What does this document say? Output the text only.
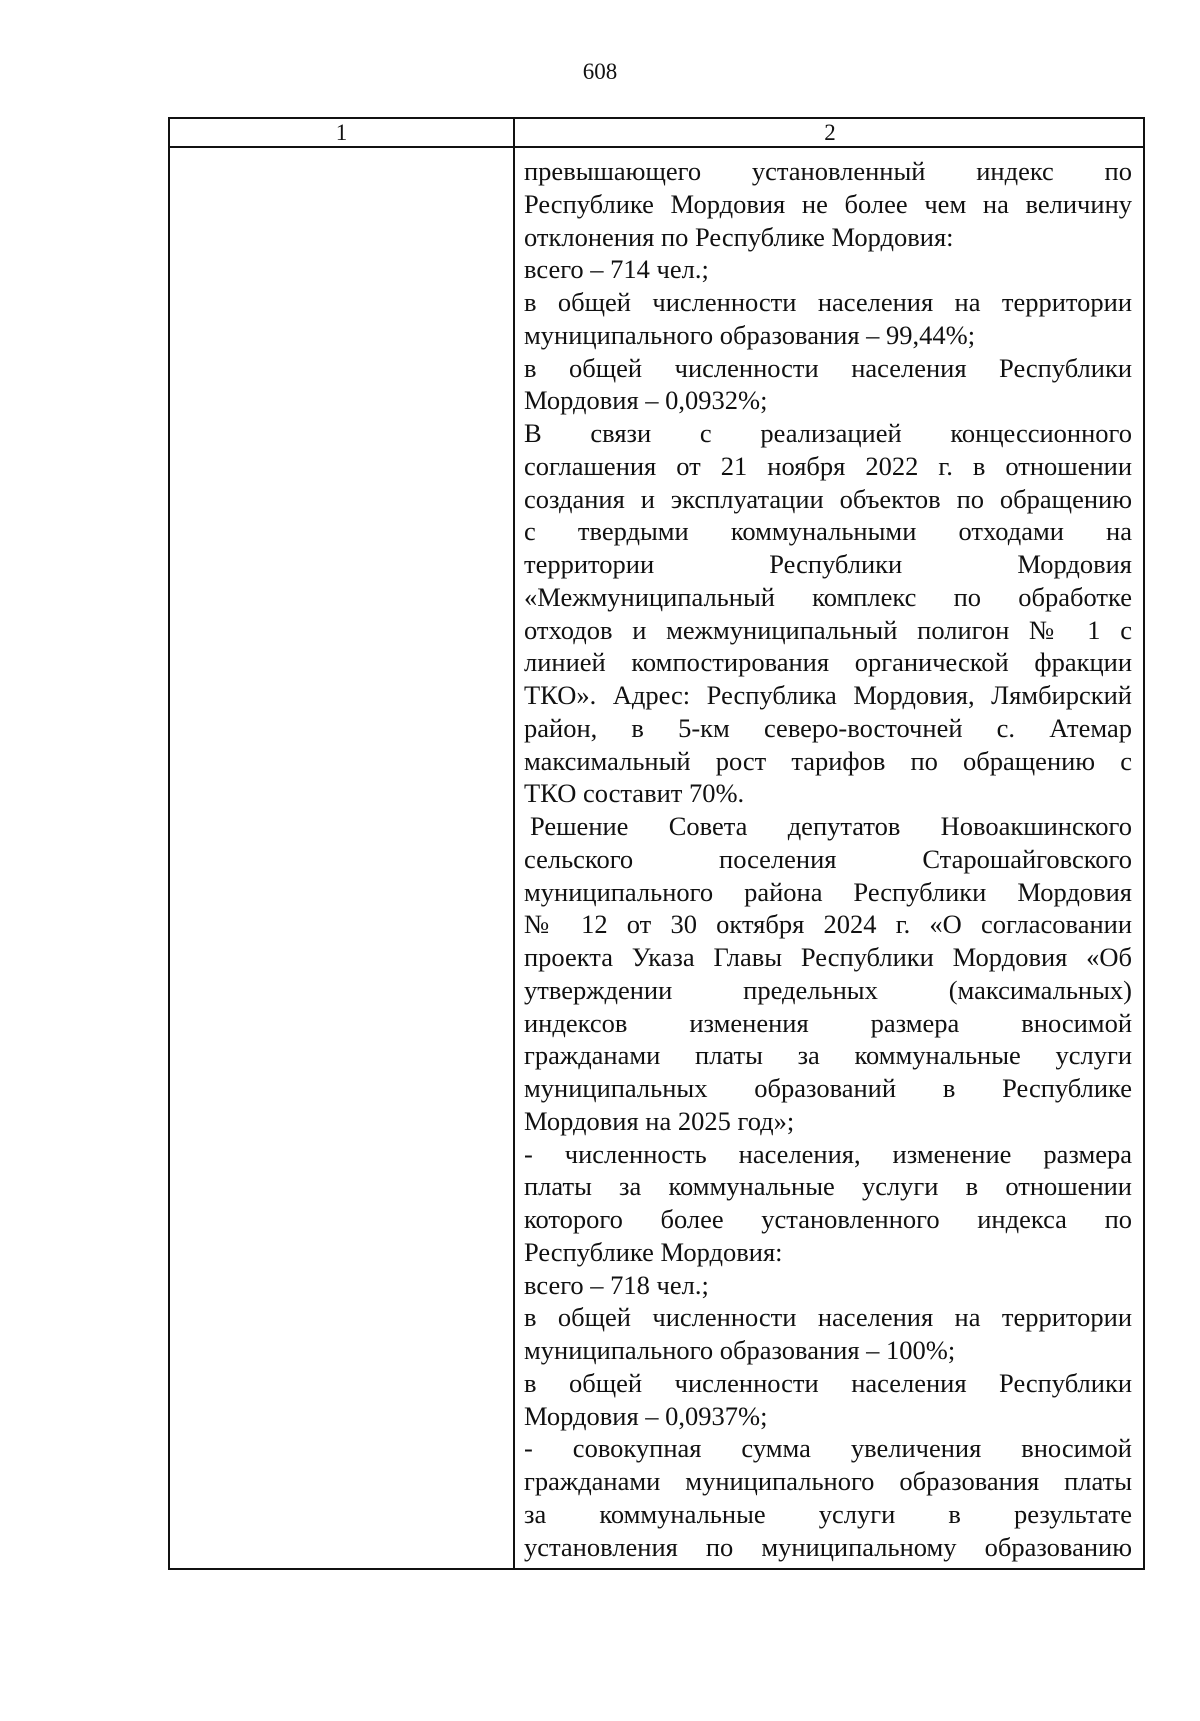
608
1	2
превышающего установленный индекс по
Республике Мордовия не более чем на величину
отклонения по Республике Мордовия:
всего – 714 чел.;
в общей численности населения на территории
муниципального образования – 99,44%;
в общей численности населения Республики
Мордовия – 0,0932%;
В связи с реализацией концессионного
соглашения от 21 ноября 2022 г. в отношении
создания и эксплуатации объектов по обращению
с твердыми коммунальными отходами на
территории Республики Мордовия
«Межмуниципальный комплекс по обработке
отходов и межмуниципальный полигон № 1 с
линией компостирования органической фракции
ТКО». Адрес: Республика Мордовия, Лямбирский
район, в 5-км северо-восточней с. Атемар
максимальный рост тарифов по обращению с
ТКО составит 70%.
Решение Совета депутатов Новоакшинского
сельского поселения Старошайговского
муниципального района Республики Мордовия
№ 12 от 30 октября 2024 г. «О согласовании
проекта Указа Главы Республики Мордовия «Об
утверждении предельных (максимальных)
индексов изменения размера вносимой
гражданами платы за коммунальные услуги
муниципальных образований в Республике
Мордовия на 2025 год»;
- численность населения, изменение размера
платы за коммунальные услуги в отношении
которого более установленного индекса по
Республике Мордовия:
всего – 718 чел.;
в общей численности населения на территории
муниципального образования – 100%;
в общей численности населения Республики
Мордовия – 0,0937%;
- совокупная сумма увеличения вносимой
гражданами муниципального образования платы
за коммунальные услуги в результате
установления по муниципальному образованию
